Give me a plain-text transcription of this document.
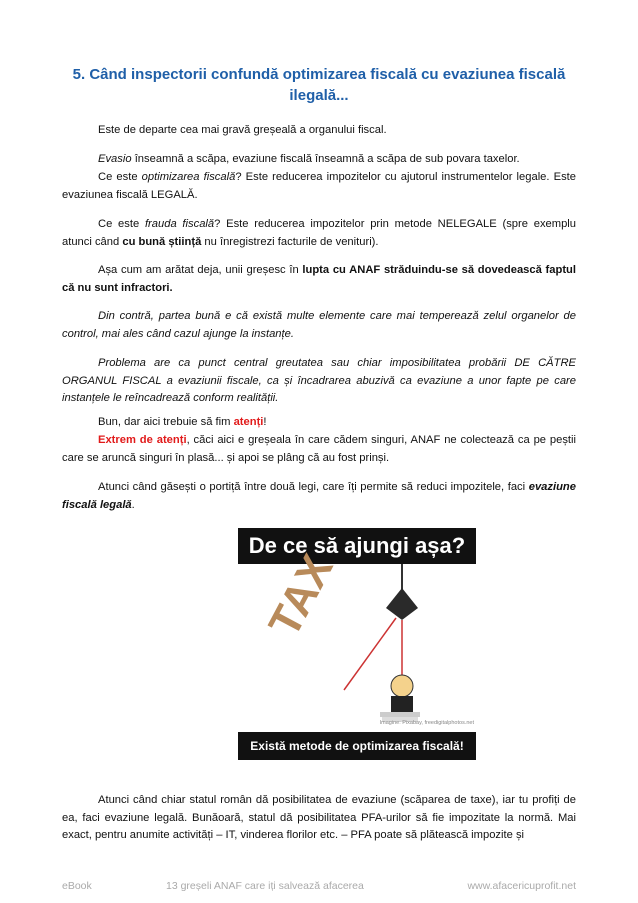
5. Când inspectorii confundă optimizarea fiscală cu evaziunea fiscală
ilegală...
Este de departe cea mai gravă greșeală a organului fiscal.
Evasio înseamnă a scăpa, evaziune fiscală înseamnă a scăpa de sub povara taxelor.
Ce este optimizarea fiscală? Este reducerea impozitelor cu ajutorul instrumentelor legale. Este evaziunea fiscală LEGALĂ.
Ce este frauda fiscală? Este reducerea impozitelor prin metode NELEGALE (spre exemplu atunci când cu bună știință nu înregistrezi facturile de venituri).
Așa cum am arătat deja, unii greșesc în lupta cu ANAF străduindu-se să dovedească faptul că nu sunt infractori.
Din contră, partea bună e că există multe elemente care mai tempereazӑ zelul organelor de control, mai ales când cazul ajunge la instanțe.
Problema are ca punct central greutatea sau chiar imposibilitatea probării DE CĂTRE ORGANUL FISCAL a evaziunii fiscale, ca și încadrarea abuzivă ca evaziune a unor fapte pe care instanțele le reîncadrează conform realității.
Bun, dar aici trebuie să fim atenți!
Extrem de atenți, căci aici e greșeala în care cădem singuri, ANAF ne colectează ca pe peștii care se aruncă singuri în plasă... și apoi se plâng că au fost prinși.
Atunci când găsești o portiță între două legi, care îți permite să reduci impozitele, faci evaziune fiscală legală.
De ce să ajungi așa?
TAX
Imagine: Pixabay, freedigitalphotos.net
Există metode de optimizarea fiscală!
Atunci când chiar statul român dă posibilitatea de evaziune (scăparea de taxe), iar tu profiți de ea, faci evaziune legală. Bunăoară, statul dă posibilitatea PFA-urilor să fie impozitate la normă. Mai exact, pentru anumite activități – IT, vinderea florilor etc. – PFA poate să plătească impozite și
eBook	13 greșeli ANAF care iți salvează afacerea	www.afacericuprofit.net
